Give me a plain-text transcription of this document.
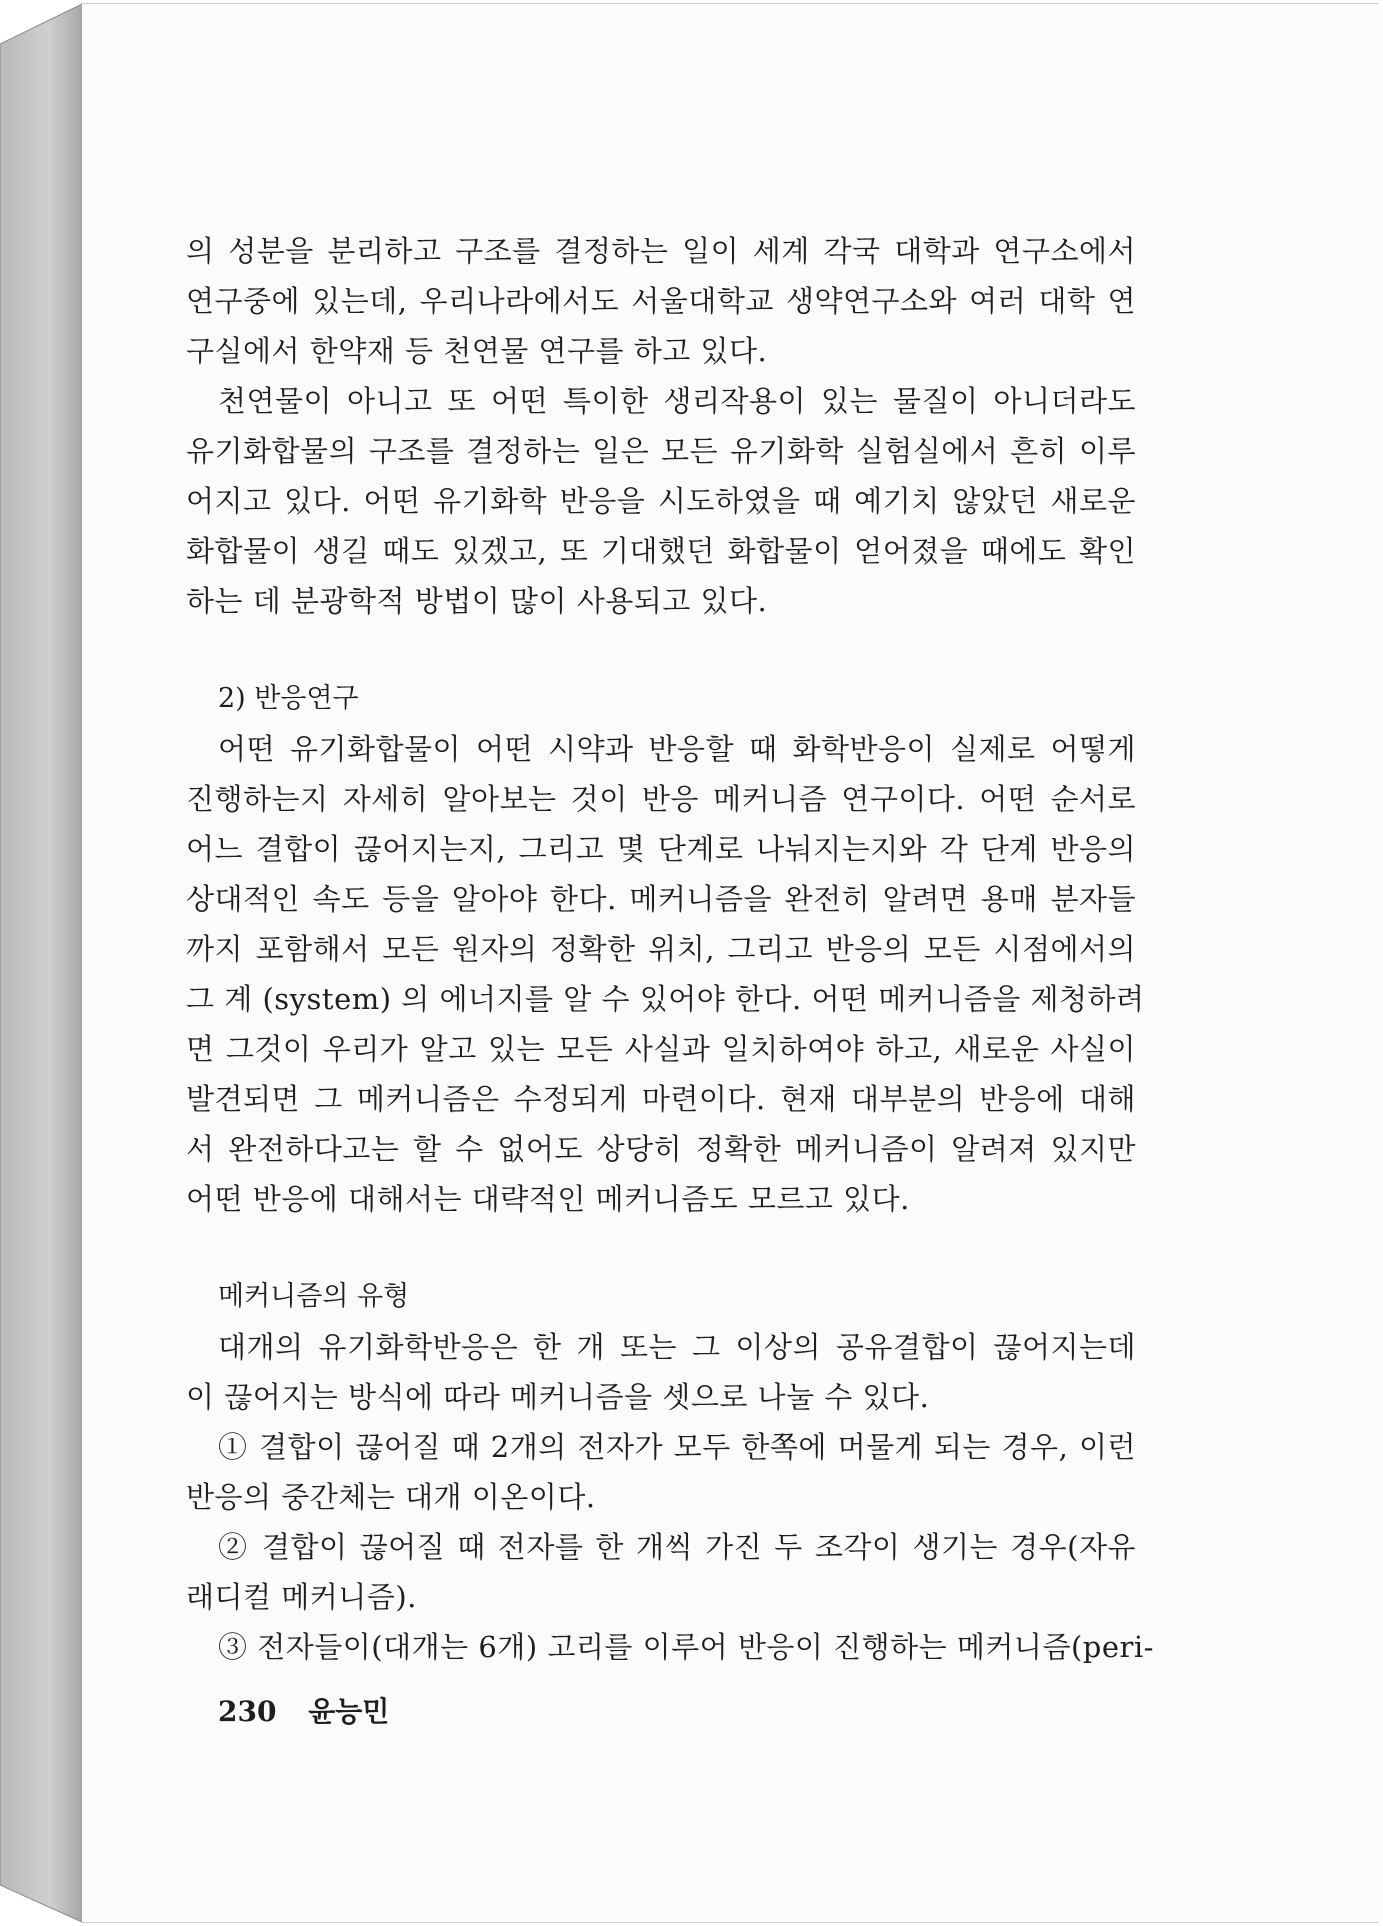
의 성분을 분리하고 구조를 결정하는 일이 세계 각국 대학과 연구소에서
연구중에 있는데, 우리나라에서도 서울대학교 생약연구소와 여러 대학 연
구실에서 한약재 등 천연물 연구를 하고 있다.
천연물이 아니고 또 어떤 특이한 생리작용이 있는 물질이 아니더라도
유기화합물의 구조를 결정하는 일은 모든 유기화학 실험실에서 흔히 이루
어지고 있다. 어떤 유기화학 반응을 시도하였을 때 예기치 않았던 새로운
화합물이 생길 때도 있겠고, 또 기대했던 화합물이 얻어졌을 때에도 확인
하는 데 분광학적 방법이 많이 사용되고 있다.
2) 반응연구
어떤 유기화합물이 어떤 시약과 반응할 때 화학반응이 실제로 어떻게
진행하는지 자세히 알아보는 것이 반응 메커니즘 연구이다. 어떤 순서로
어느 결합이 끊어지는지, 그리고 몇 단계로 나눠지는지와 각 단계 반응의
상대적인 속도 등을 알아야 한다. 메커니즘을 완전히 알려면 용매 분자들
까지 포함해서 모든 원자의 정확한 위치, 그리고 반응의 모든 시점에서의
그 계 (system) 의 에너지를 알 수 있어야 한다. 어떤 메커니즘을 제청하려
면 그것이 우리가 알고 있는 모든 사실과 일치하여야 하고, 새로운 사실이
발견되면 그 메커니즘은 수정되게 마련이다. 현재 대부분의 반응에 대해
서 완전하다고는 할 수 없어도 상당히 정확한 메커니즘이 알려져 있지만
어떤 반응에 대해서는 대략적인 메커니즘도 모르고 있다.
메커니즘의 유형
대개의 유기화학반응은 한 개 또는 그 이상의 공유결합이 끊어지는데
이 끊어지는 방식에 따라 메커니즘을 셋으로 나눌 수 있다.
① 결합이 끊어질 때 2개의 전자가 모두 한쪽에 머물게 되는 경우, 이런
반응의 중간체는 대개 이온이다.
② 결합이 끊어질 때 전자를 한 개씩 가진 두 조각이 생기는 경우(자유
래디컬 메커니즘).
③ 전자들이(대개는 6개) 고리를 이루어 반응이 진행하는 메커니즘(peri-
230 윤능민
